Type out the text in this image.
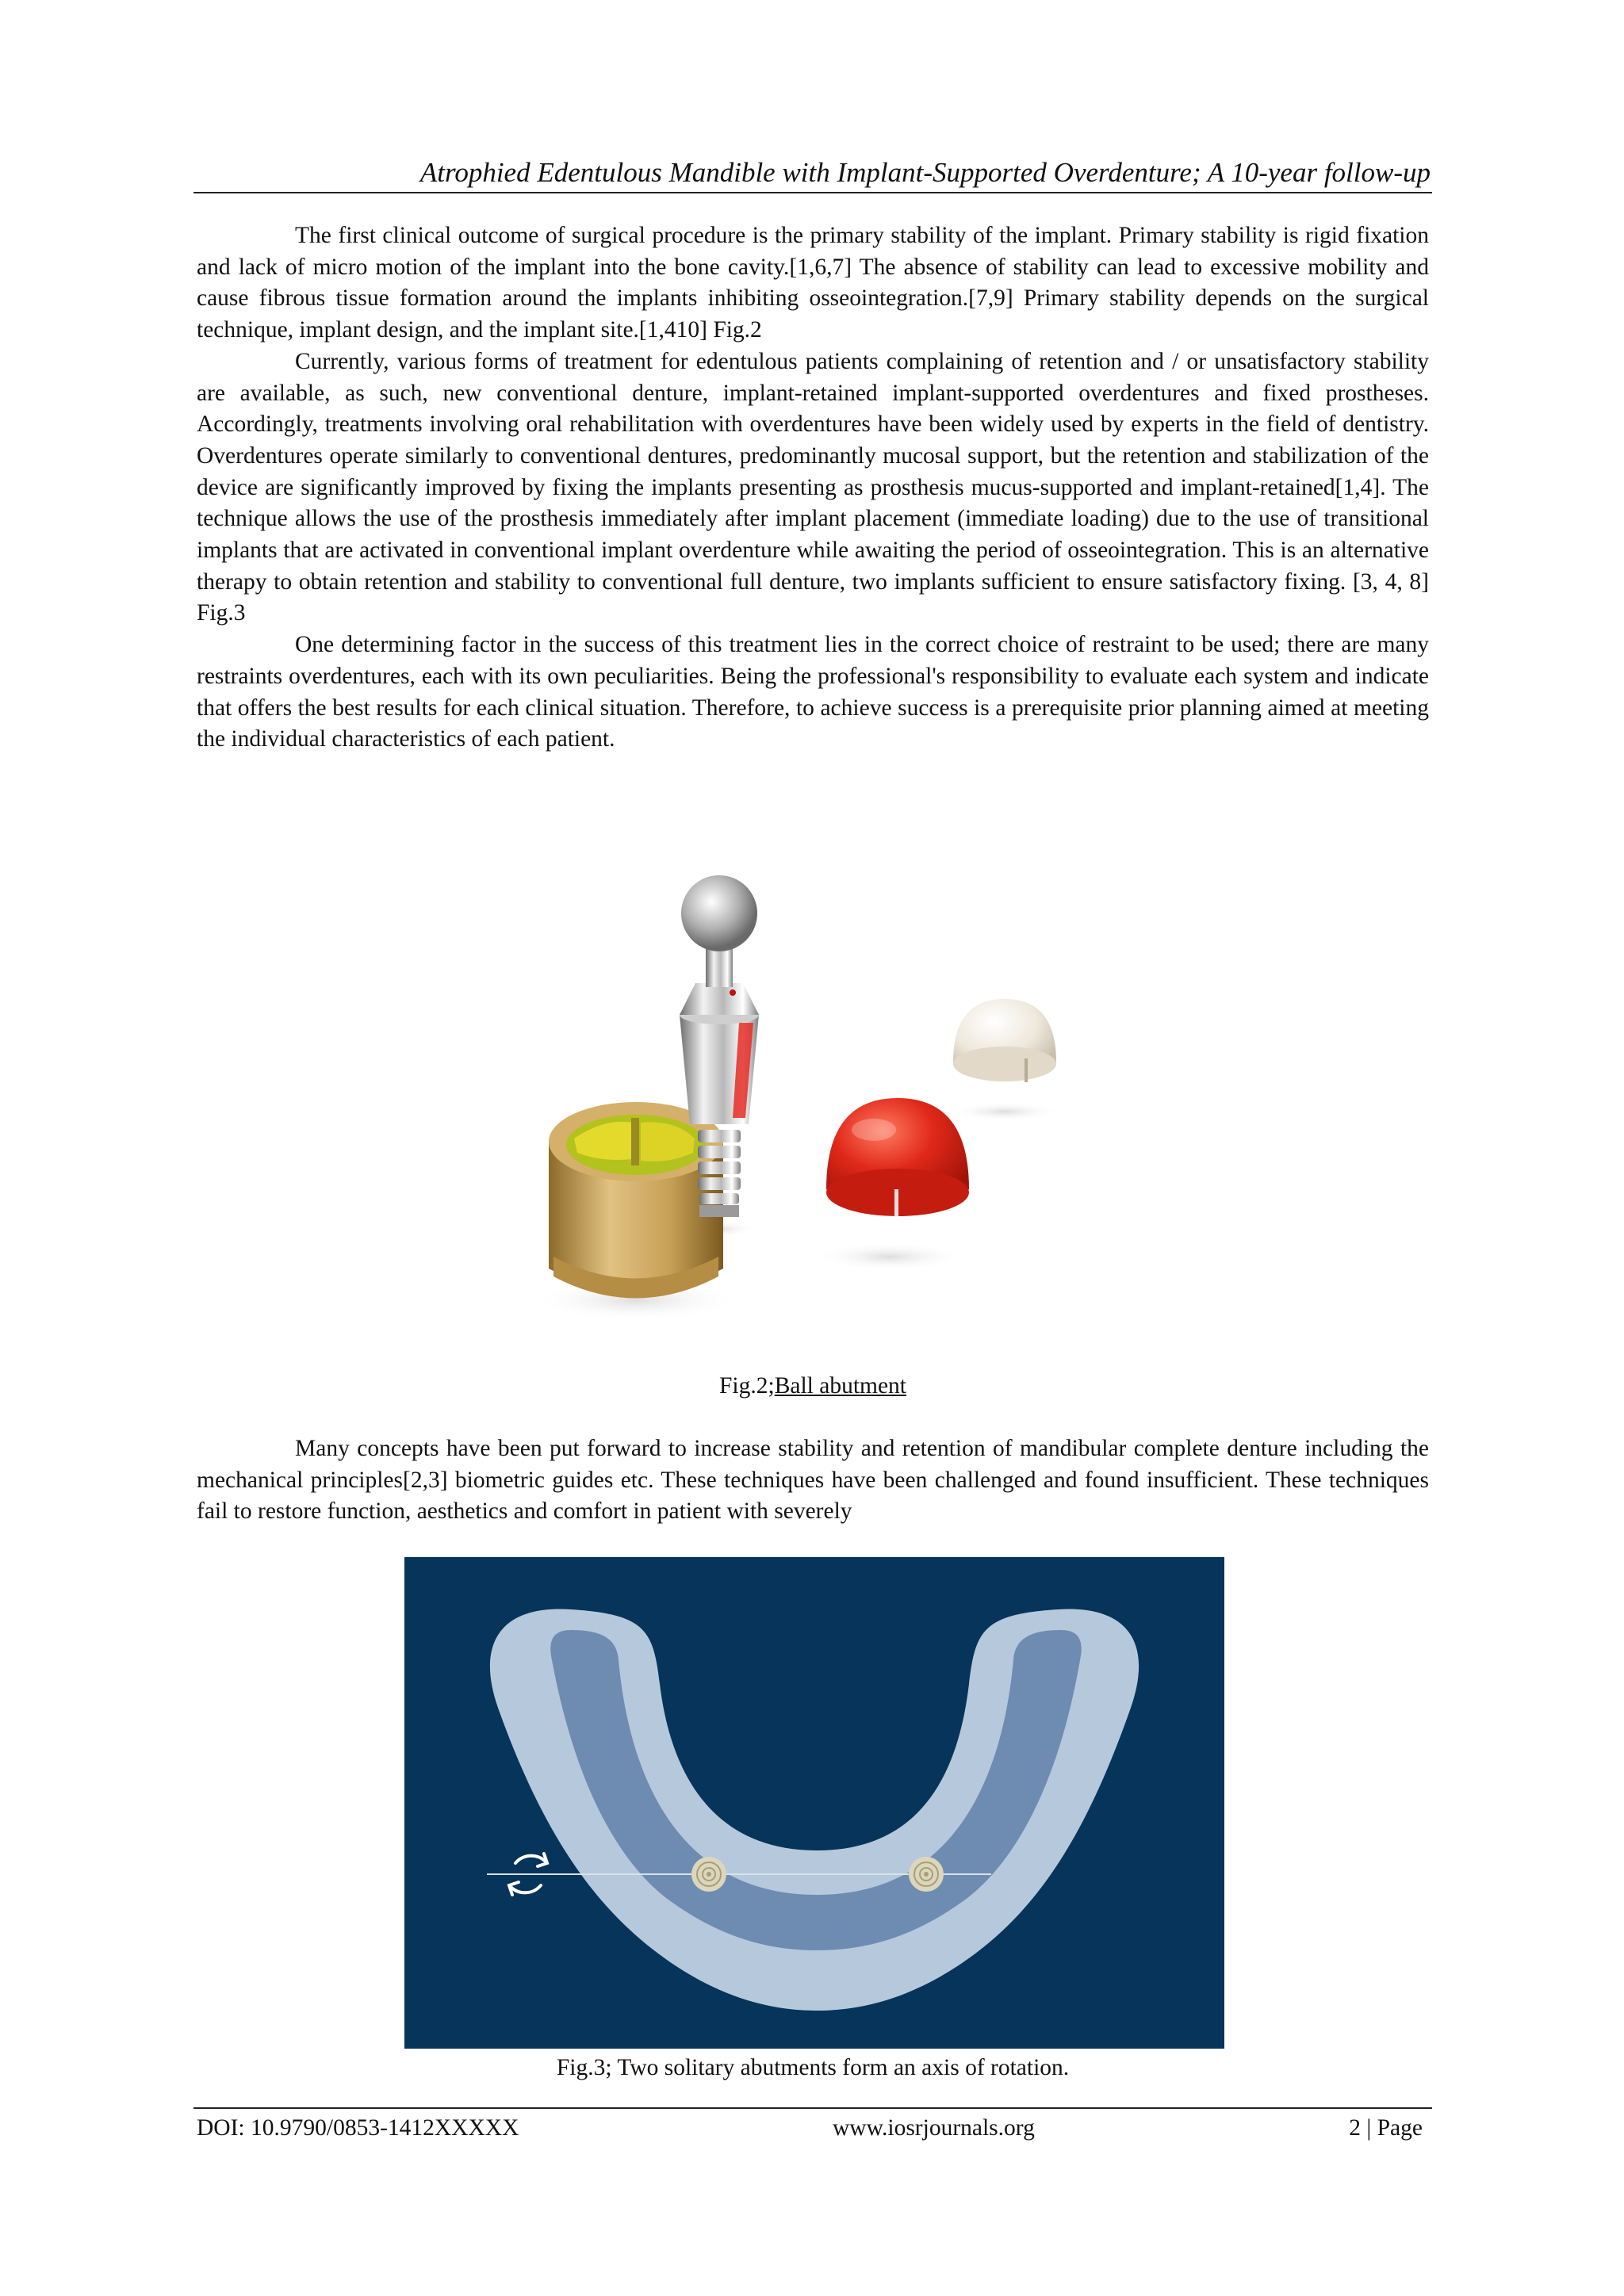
Atrophied Edentulous Mandible with Implant-Supported Overdenture; A 10-year follow-up

The first clinical outcome of surgical procedure is the primary stability of the implant. Primary stability is rigid fixation and lack of micro motion of the implant into the bone cavity.[1,6,7] The absence of stability can lead to excessive mobility and cause fibrous tissue formation around the implants inhibiting osseointegration.[7,9] Primary stability depends on the surgical technique, implant design, and the implant site.[1,410] Fig.2

Currently, various forms of treatment for edentulous patients complaining of retention and / or unsatisfactory stability are available, as such, new conventional denture, implant-retained implant-supported overdentures and fixed prostheses. Accordingly, treatments involving oral rehabilitation with overdentures have been widely used by experts in the field of dentistry. Overdentures operate similarly to conventional dentures, predominantly mucosal support, but the retention and stabilization of the device are significantly improved by fixing the implants presenting as prosthesis mucus-supported and implant-retained[1,4]. The technique allows the use of the prosthesis immediately after implant placement (immediate loading) due to the use of transitional implants that are activated in conventional implant overdenture while awaiting the period of osseointegration. This is an alternative therapy to obtain retention and stability to conventional full denture, two implants sufficient to ensure satisfactory fixing. [3, 4, 8] Fig.3

One determining factor in the success of this treatment lies in the correct choice of restraint to be used; there are many restraints overdentures, each with its own peculiarities. Being the professional's responsibility to evaluate each system and indicate that offers the best results for each clinical situation. Therefore, to achieve success is a prerequisite prior planning aimed at meeting the individual characteristics of each patient.

Fig.2;Ball abutment

Many concepts have been put forward to increase stability and retention of mandibular complete denture including the mechanical principles[2,3] biometric guides etc. These techniques have been challenged and found insufficient. These techniques fail to restore function, aesthetics and comfort in patient with severely

Fig.3; Two solitary abutments form an axis of rotation.
DOI: 10.9790/0853-1412XXXXX	www.iosrjournals.org	2 | Page
